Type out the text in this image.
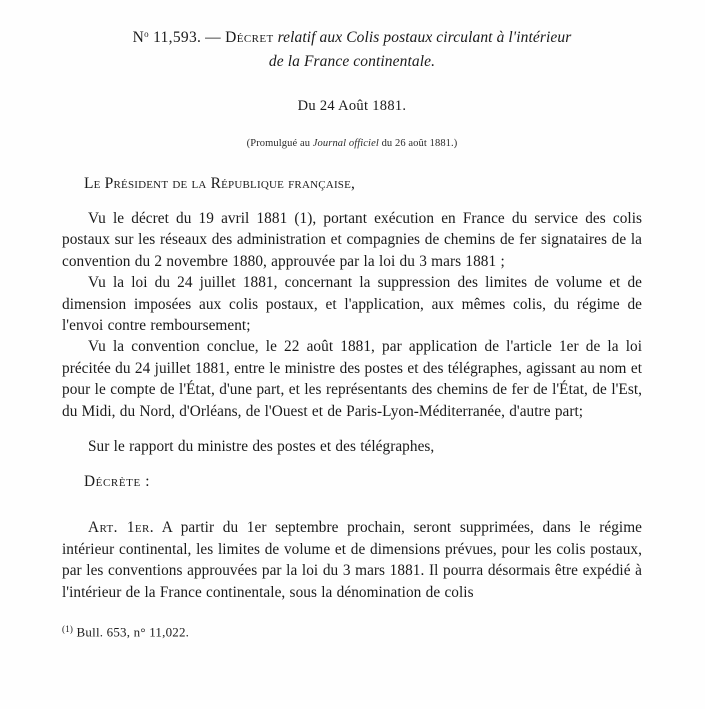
$N^o$ 11,593. — Décret relatif aux Colis postaux circulant à l'intérieur
de la France continentale.
Du 24 Août 1881.
(Promulgué au Journal officiel du 26 août 1881.)
Le Président de la République française,

Vu le décret du 19 avril 1881 (1), portant exécution en France du service des colis postaux sur les réseaux des administration et compagnies de chemins de fer signataires de la convention du 2 novembre 1880, approuvée par la loi du 3 mars 1881 ;

Vu la loi du 24 juillet 1881, concernant la suppression des limites de volume et de dimension imposées aux colis postaux, et l'application, aux mêmes colis, du régime de l'envoi contre remboursement;

Vu la convention conclue, le 22 août 1881, par application de l'article 1er de la loi précitée du 24 juillet 1881, entre le ministre des postes et des télégraphes, agissant au nom et pour le compte de l'État, d'une part, et les représentants des chemins de fer de l'État, de l'Est, du Midi, du Nord, d'Orléans, de l'Ouest et de Paris-Lyon-Méditerranée, d'autre part;

Sur le rapport du ministre des postes et des télégraphes,

Décrète :

Art. 1er. A partir du 1er septembre prochain, seront supprimées, dans le régime intérieur continental, les limites de volume et de dimensions prévues, pour les colis postaux, par les conventions approuvées par la loi du 3 mars 1881. Il pourra désormais être expédié à l'intérieur de la France continentale, sous la dénomination de colis

$^{(1)}$ Bull. 653, n° 11,022.
